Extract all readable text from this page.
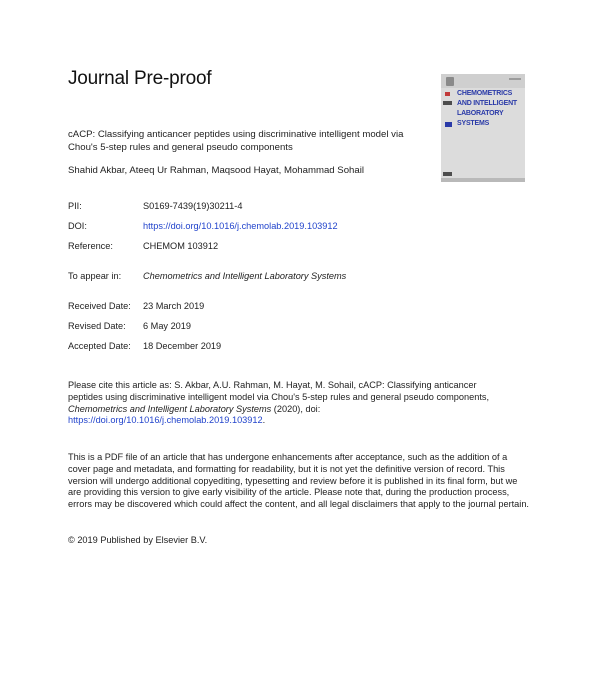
Journal Pre-proof
CHEMOMETRICS
AND INTELLIGENT
LABORATORY
SYSTEMS
cACP: Classifying anticancer peptides using discriminative intelligent model via Chou's 5-step rules and general pseudo components
Shahid Akbar, Ateeq Ur Rahman, Maqsood Hayat, Mohammad Sohail
PII:	S0169-7439(19)30211-4
DOI:	https://doi.org/10.1016/j.chemolab.2019.103912
Reference:	CHEMOM 103912
To appear in: Chemometrics and Intelligent Laboratory Systems
Received Date: 23 March 2019
Revised Date: 6 May 2019
Accepted Date: 18 December 2019
Please cite this article as: S. Akbar, A.U. Rahman, M. Hayat, M. Sohail, cACP: Classifying anticancer peptides using discriminative intelligent model via Chou's 5-step rules and general pseudo components, Chemometrics and Intelligent Laboratory Systems (2020), doi: https://doi.org/10.1016/j.chemolab.2019.103912.
This is a PDF file of an article that has undergone enhancements after acceptance, such as the addition of a cover page and metadata, and formatting for readability, but it is not yet the definitive version of record. This version will undergo additional copyediting, typesetting and review before it is published in its final form, but we are providing this version to give early visibility of the article. Please note that, during the production process, errors may be discovered which could affect the content, and all legal disclaimers that apply to the journal pertain.
© 2019 Published by Elsevier B.V.
